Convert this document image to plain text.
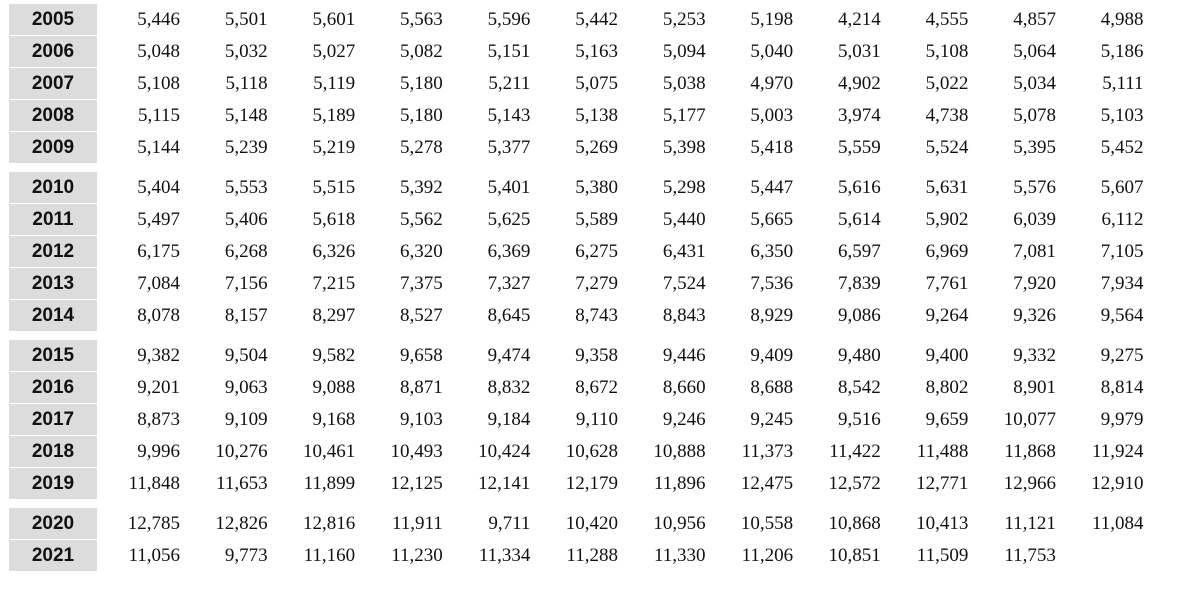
2005	5,446	5,501	5,601	5,563	5,596	5,442	5,253	5,198	4,214	4,555	4,857	4,988
2006	5,048	5,032	5,027	5,082	5,151	5,163	5,094	5,040	5,031	5,108	5,064	5,186
2007	5,108	5,118	5,119	5,180	5,211	5,075	5,038	4,970	4,902	5,022	5,034	5,111
2008	5,115	5,148	5,189	5,180	5,143	5,138	5,177	5,003	3,974	4,738	5,078	5,103
2009	5,144	5,239	5,219	5,278	5,377	5,269	5,398	5,418	5,559	5,524	5,395	5,452
2010	5,404	5,553	5,515	5,392	5,401	5,380	5,298	5,447	5,616	5,631	5,576	5,607
2011	5,497	5,406	5,618	5,562	5,625	5,589	5,440	5,665	5,614	5,902	6,039	6,112
2012	6,175	6,268	6,326	6,320	6,369	6,275	6,431	6,350	6,597	6,969	7,081	7,105
2013	7,084	7,156	7,215	7,375	7,327	7,279	7,524	7,536	7,839	7,761	7,920	7,934
2014	8,078	8,157	8,297	8,527	8,645	8,743	8,843	8,929	9,086	9,264	9,326	9,564
2015	9,382	9,504	9,582	9,658	9,474	9,358	9,446	9,409	9,480	9,400	9,332	9,275
2016	9,201	9,063	9,088	8,871	8,832	8,672	8,660	8,688	8,542	8,802	8,901	8,814
2017	8,873	9,109	9,168	9,103	9,184	9,110	9,246	9,245	9,516	9,659	10,077	9,979
2018	9,996	10,276	10,461	10,493	10,424	10,628	10,888	11,373	11,422	11,488	11,868	11,924
2019	11,848	11,653	11,899	12,125	12,141	12,179	11,896	12,475	12,572	12,771	12,966	12,910
2020	12,785	12,826	12,816	11,911	9,711	10,420	10,956	10,558	10,868	10,413	11,121	11,084
2021	11,056	9,773	11,160	11,230	11,334	11,288	11,330	11,206	10,851	11,509	11,753
